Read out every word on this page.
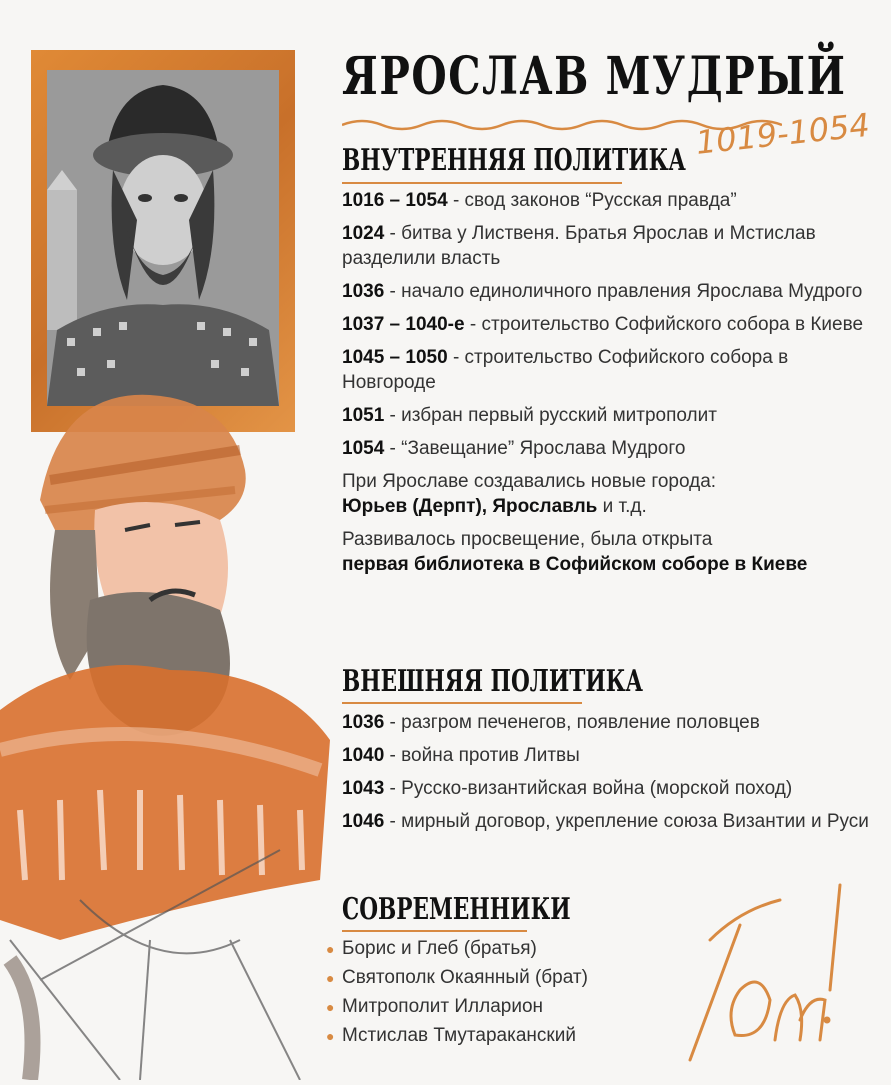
ЯРОСЛАВ МУДРЫЙ
1019-1054
ВНУТРЕННЯЯ ПОЛИТИКА
1016 – 1054 - свод законов “Русская правда”
1024 - битва у Лиственя. Братья Ярослав и Мстислав разделили власть
1036 - начало единоличного правления Ярослава Мудрого
1037 – 1040-е - строительство Софийского собора в Киеве
1045 – 1050 - строительство Софийского собора в Новгороде
1051 - избран первый русский митрополит
1054 - “Завещание” Ярослава Мудрого
При Ярославе создавались новые города:
Юрьев (Дерпт), Ярославль и т.д.
Развивалось просвещение, была открыта
первая библиотека в Софийском соборе в Киеве
ВНЕШНЯЯ ПОЛИТИКА
1036 - разгром печенегов, появление половцев
1040 - война против Литвы
1043 - Русско-византийская война (морской поход)
1046 - мирный договор, укрепление союза Византии и Руси
СОВРЕМЕННИКИ
● Борис и Глеб (братья)
● Святополк Окаянный (брат)
● Митрополит Илларион
● Мстислав Тмутараканский
